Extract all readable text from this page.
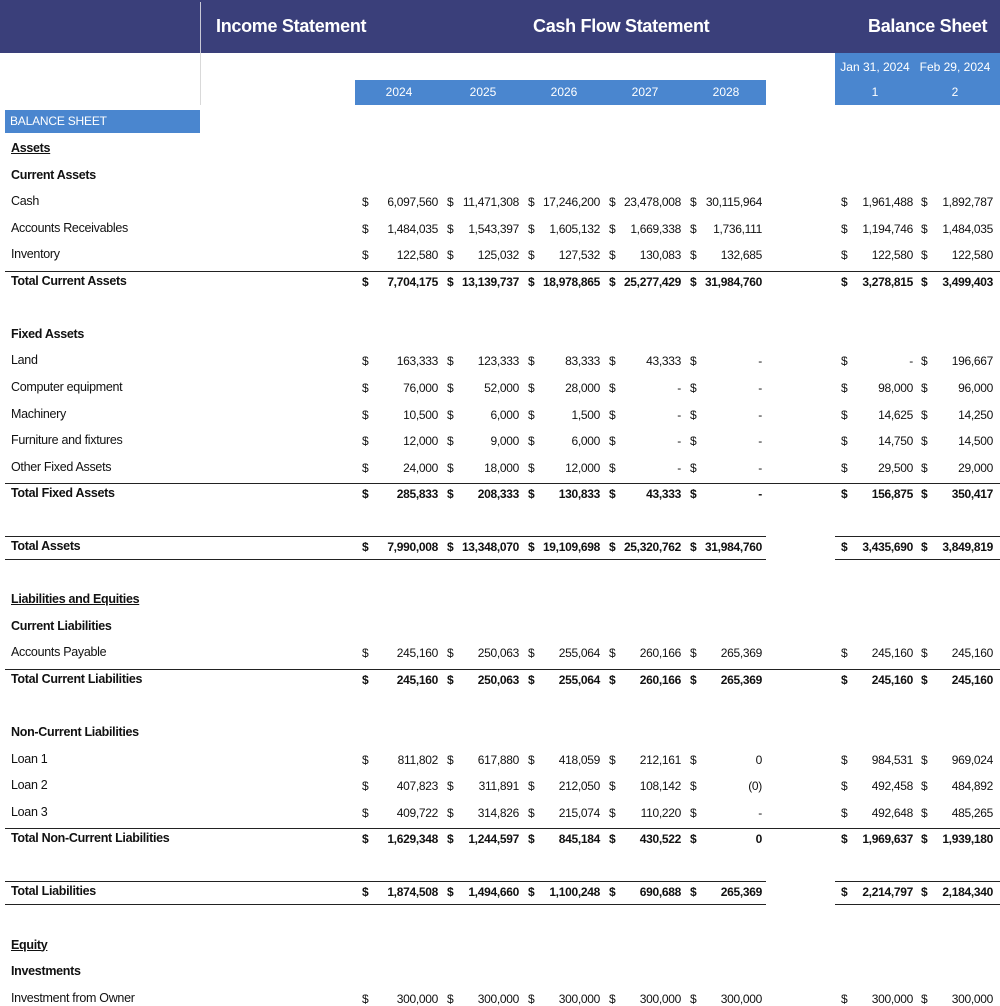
Income Statement	Cash Flow Statement	Balance Sheet
2024	2025	2026	2027	2028
Jan 31, 2024
1
Feb 29, 2024
2
BALANCE SHEET
Assets
Current Assets
Cash	$	6,097,560 $ 11,471,308 $ 17,246,200 $ 23,478,008 $ 30,115,964	$	1,961,488 $	1,892,787
Accounts Receivables	$	1,484,035 $	1,543,397 $	1,605,132 $	1,669,338 $	1,736,111	$	1,194,746 $	1,484,035
Inventory	$	122,580 $	125,032 $	127,532 $	130,083 $	132,685	$	122,580 $	122,580
Total Current Assets	$	7,704,175 $ 13,139,737 $ 18,978,865 $ 25,277,429 $ 31,984,760	$	3,278,815 $	3,499,403
Fixed Assets
Land	$	163,333 $	123,333 $	83,333 $	43,333 $	-	$	- $	196,667
Computer equipment	$	76,000 $	52,000 $	28,000 $	- $	-	$	98,000 $	96,000
Machinery	$	10,500 $	6,000 $	1,500 $	- $	-	$	14,625 $	14,250
Furniture and fixtures	$	12,000 $	9,000 $	6,000 $	- $	-	$	14,750 $	14,500
Other Fixed Assets	$	24,000 $	18,000 $	12,000 $	- $	-	$	29,500 $	29,000
Total Fixed Assets	$	285,833 $	208,333 $	130,833 $	43,333 $	-	$	156,875 $	350,417
Total Assets	$	7,990,008 $ 13,348,070 $ 19,109,698 $ 25,320,762 $ 31,984,760	$	3,435,690 $	3,849,819
Liabilities and Equities
Current Liabilities
Accounts Payable	$	245,160 $	250,063 $	255,064 $	260,166 $	265,369	$	245,160 $	245,160
Total Current Liabilities	$	245,160 $	250,063 $	255,064 $	260,166 $	265,369	$	245,160 $	245,160
Non-Current Liabilities
Loan 1	$	811,802 $	617,880 $	418,059 $	212,161 $	0	$	984,531 $	969,024
Loan 2	$	407,823 $	311,891 $	212,050 $	108,142 $	(0)	$	492,458 $	484,892
Loan 3	$	409,722 $	314,826 $	215,074 $	110,220 $	-	$	492,648 $	485,265
Total Non-Current Liabilities	$	1,629,348 $	1,244,597 $	845,184 $	430,522 $	0	$	1,969,637 $	1,939,180
Total Liabilities	$	1,874,508 $	1,494,660 $	1,100,248 $	690,688 $	265,369	$	2,214,797 $	2,184,340
Equity
Investments
Investment from Owner	$	300,000 $	300,000 $	300,000 $	300,000 $	300,000	$	300,000 $	300,000
